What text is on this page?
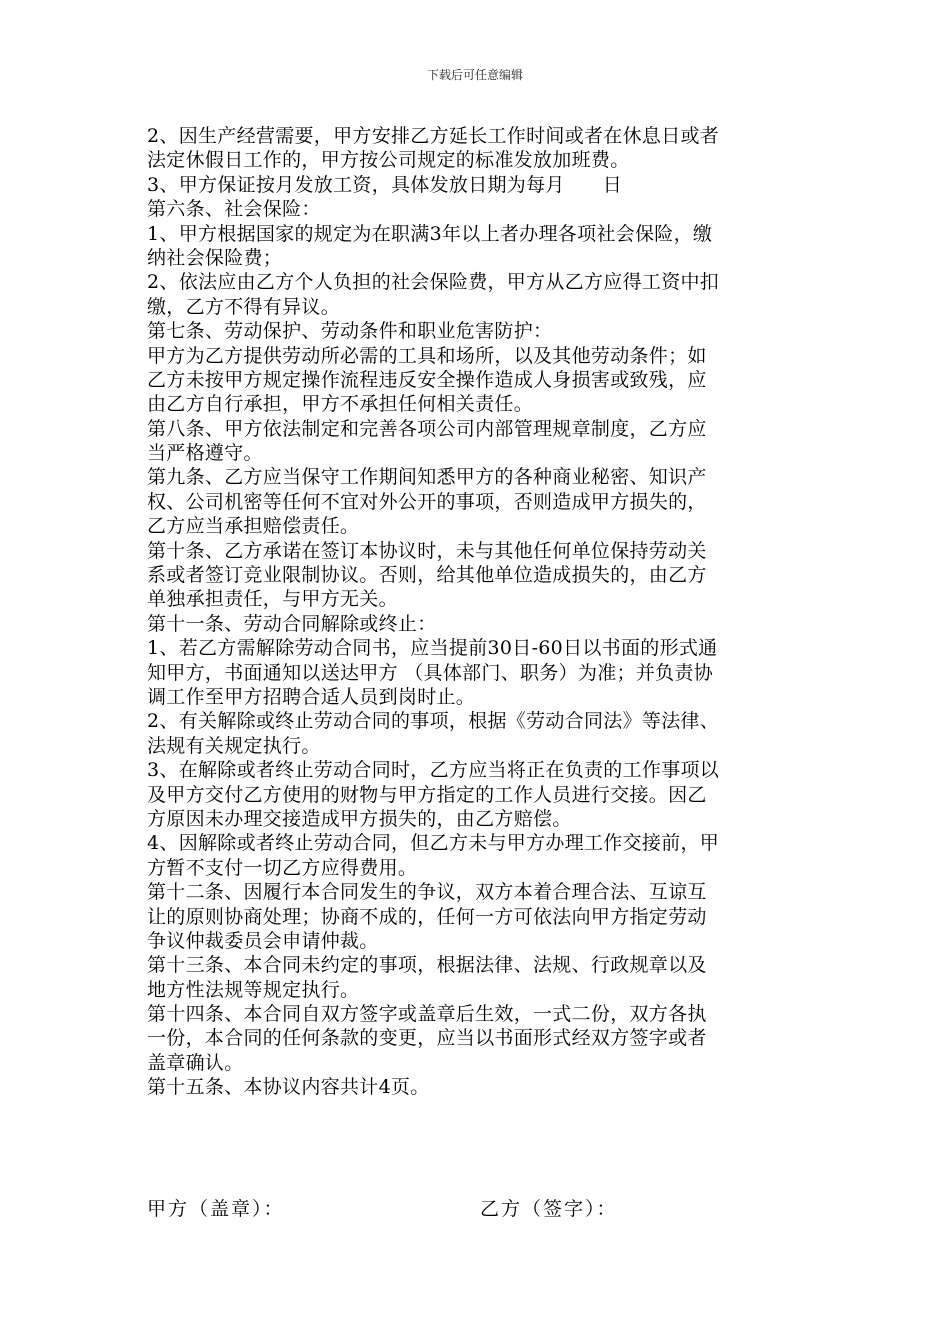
下载后可任意编辑
2、因生产经营需要，甲方安排乙方延长工作时间或者在休息日或者
法定休假日工作的，甲方按公司规定的标准发放加班费。
3、甲方保证按月发放工资，具体发放日期为每月      日
第六条、社会保险：
1、甲方根据国家的规定为在职满3年以上者办理各项社会保险，缴
纳社会保险费；
2、依法应由乙方个人负担的社会保险费，甲方从乙方应得工资中扣
缴，乙方不得有异议。
第七条、劳动保护、劳动条件和职业危害防护：
甲方为乙方提供劳动所必需的工具和场所，以及其他劳动条件；如
乙方未按甲方规定操作流程违反安全操作造成人身损害或致残，应
由乙方自行承担，甲方不承担任何相关责任。
第八条、甲方依法制定和完善各项公司内部管理规章制度，乙方应
当严格遵守。
第九条、乙方应当保守工作期间知悉甲方的各种商业秘密、知识产
权、公司机密等任何不宜对外公开的事项，否则造成甲方损失的，
乙方应当承担赔偿责任。
第十条、乙方承诺在签订本协议时，未与其他任何单位保持劳动关
系或者签订竞业限制协议。否则，给其他单位造成损失的，由乙方
单独承担责任，与甲方无关。
第十一条、劳动合同解除或终止：
1、若乙方需解除劳动合同书，应当提前30日-60日以书面的形式通
知甲方，书面通知以送达甲方 （具体部门、职务）为准；并负责协
调工作至甲方招聘合适人员到岗时止。
2、有关解除或终止劳动合同的事项，根据《劳动合同法》等法律、
法规有关规定执行。
3、在解除或者终止劳动合同时，乙方应当将正在负责的工作事项以
及甲方交付乙方使用的财物与甲方指定的工作人员进行交接。因乙
方原因未办理交接造成甲方损失的，由乙方赔偿。
4、因解除或者终止劳动合同，但乙方未与甲方办理工作交接前，甲
方暂不支付一切乙方应得费用。
第十二条、因履行本合同发生的争议，双方本着合理合法、互谅互
让的原则协商处理；协商不成的，任何一方可依法向甲方指定劳动
争议仲裁委员会申请仲裁。
第十三条、本合同未约定的事项，根据法律、法规、行政规章以及
地方性法规等规定执行。
第十四条、本合同自双方签字或盖章后生效，一式二份，双方各执
一份，本合同的任何条款的变更，应当以书面形式经双方签字或者
盖章确认。
第十五条、本协议内容共计4页。
甲方（盖章）：	乙方（签字）：
